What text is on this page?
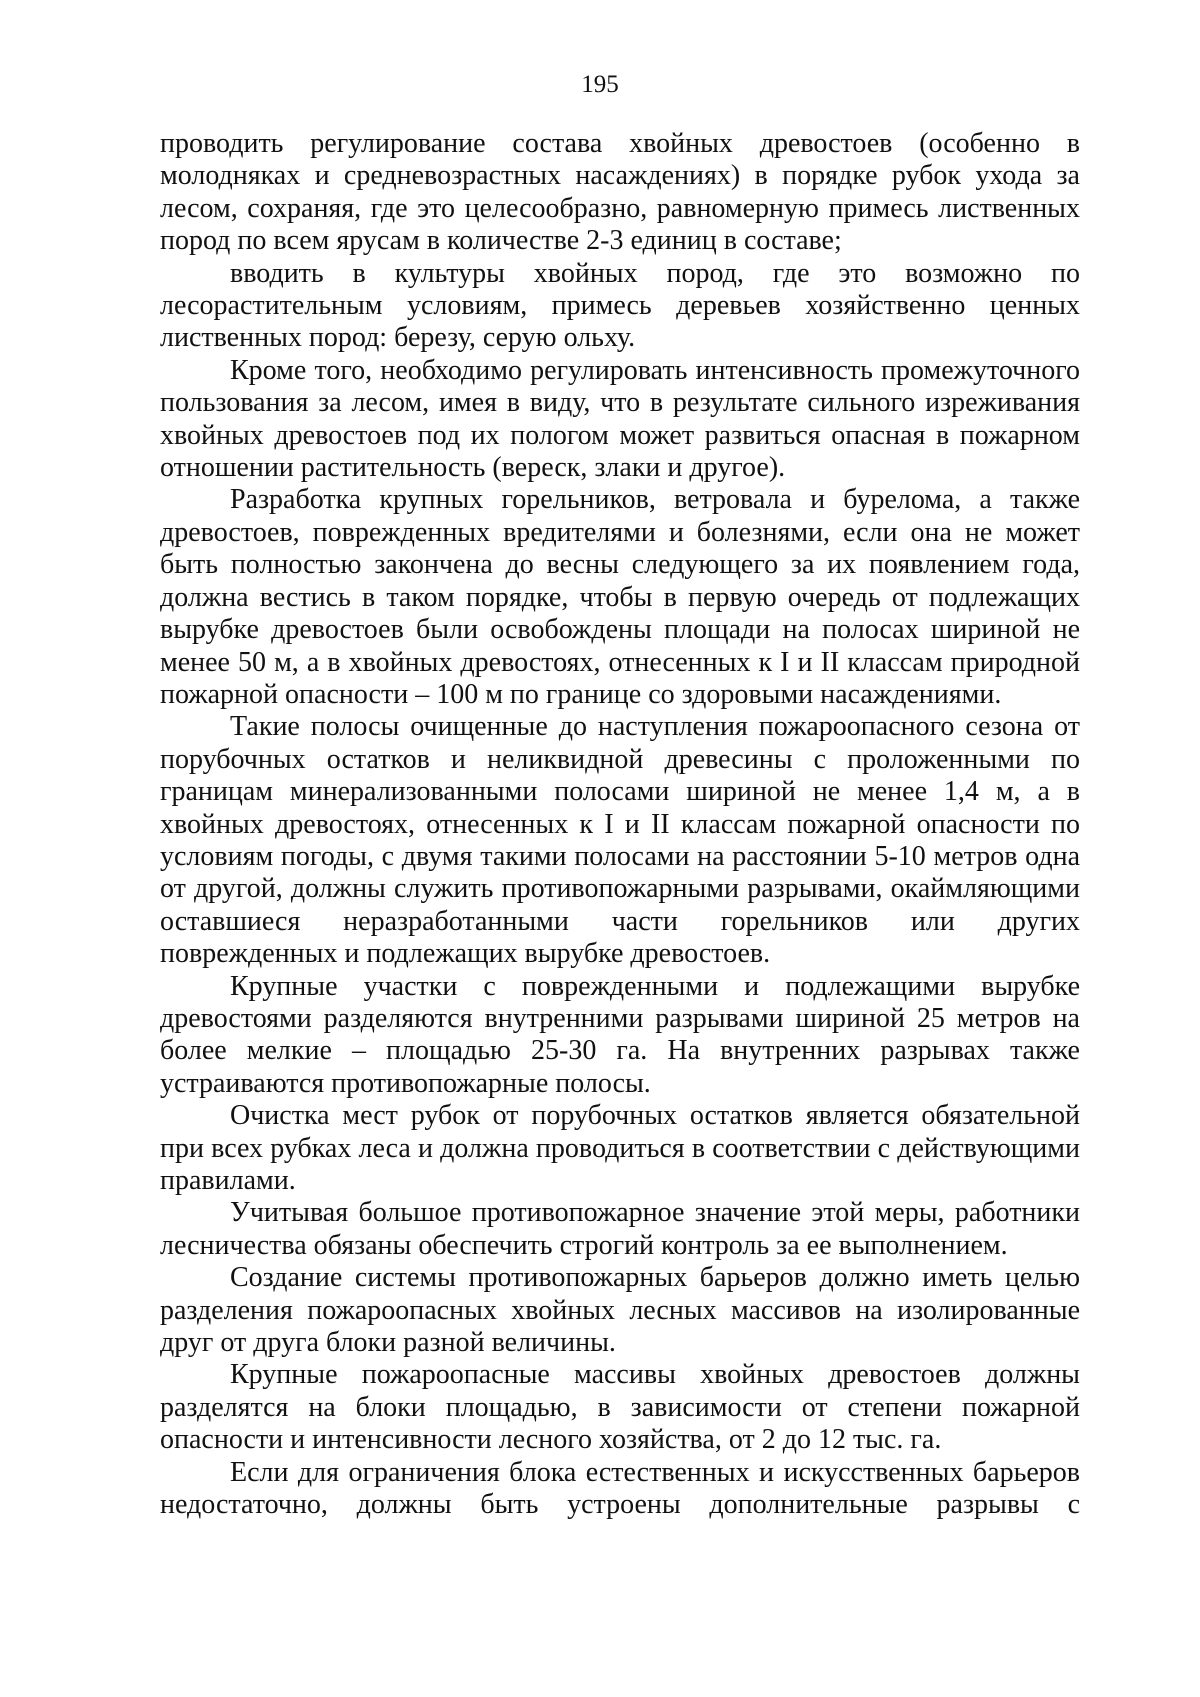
195

проводить регулирование состава хвойных древостоев (особенно в молодняках и средневозрастных насаждениях) в порядке рубок ухода за лесом, сохраняя, где это целесообразно, равномерную примесь лиственных пород по всем ярусам в количестве 2-3 единиц в составе;

вводить в культуры хвойных пород, где это возможно по лесорастительным условиям, примесь деревьев хозяйственно ценных лиственных пород: березу, серую ольху.

Кроме того, необходимо регулировать интенсивность промежуточного пользования за лесом, имея в виду, что в результате сильного изреживания хвойных древостоев под их пологом может развиться опасная в пожарном отношении растительность (вереск, злаки и другое).

Разработка крупных горельников, ветровала и бурелома, а также древостоев, поврежденных вредителями и болезнями, если она не может быть полностью закончена до весны следующего за их появлением года, должна вестись в таком порядке, чтобы в первую очередь от подлежащих вырубке древостоев были освобождены площади на полосах шириной не менее 50 м, а в хвойных древостоях, отнесенных к I и II классам природной пожарной опасности – 100 м по границе со здоровыми насаждениями.

Такие полосы очищенные до наступления пожароопасного сезона от порубочных остатков и неликвидной древесины с проложенными по границам минерализованными полосами шириной не менее 1,4 м, а в хвойных древостоях, отнесенных к I и II классам пожарной опасности по условиям погоды, с двумя такими полосами на расстоянии 5-10 метров одна от другой, должны служить противопожарными разрывами, окаймляющими оставшиеся неразработанными части горельников или других поврежденных и подлежащих вырубке древостоев.

Крупные участки с поврежденными и подлежащими вырубке древостоями разделяются внутренними разрывами шириной 25 метров на более мелкие – площадью 25-30 га. На внутренних разрывах также устраиваются противопожарные полосы.

Очистка мест рубок от порубочных остатков является обязательной при всех рубках леса и должна проводиться в соответствии с действующими правилами.

Учитывая большое противопожарное значение этой меры, работники лесничества обязаны обеспечить строгий контроль за ее выполнением.

Создание системы противопожарных барьеров должно иметь целью разделения пожароопасных хвойных лесных массивов на изолированные друг от друга блоки разной величины.

Крупные пожароопасные массивы хвойных древостоев должны разделятся на блоки площадью, в зависимости от степени пожарной опасности и интенсивности лесного хозяйства, от 2 до 12 тыс. га.

Если для ограничения блока естественных и искусственных барьеров недостаточно, должны быть устроены дополнительные разрывы с
